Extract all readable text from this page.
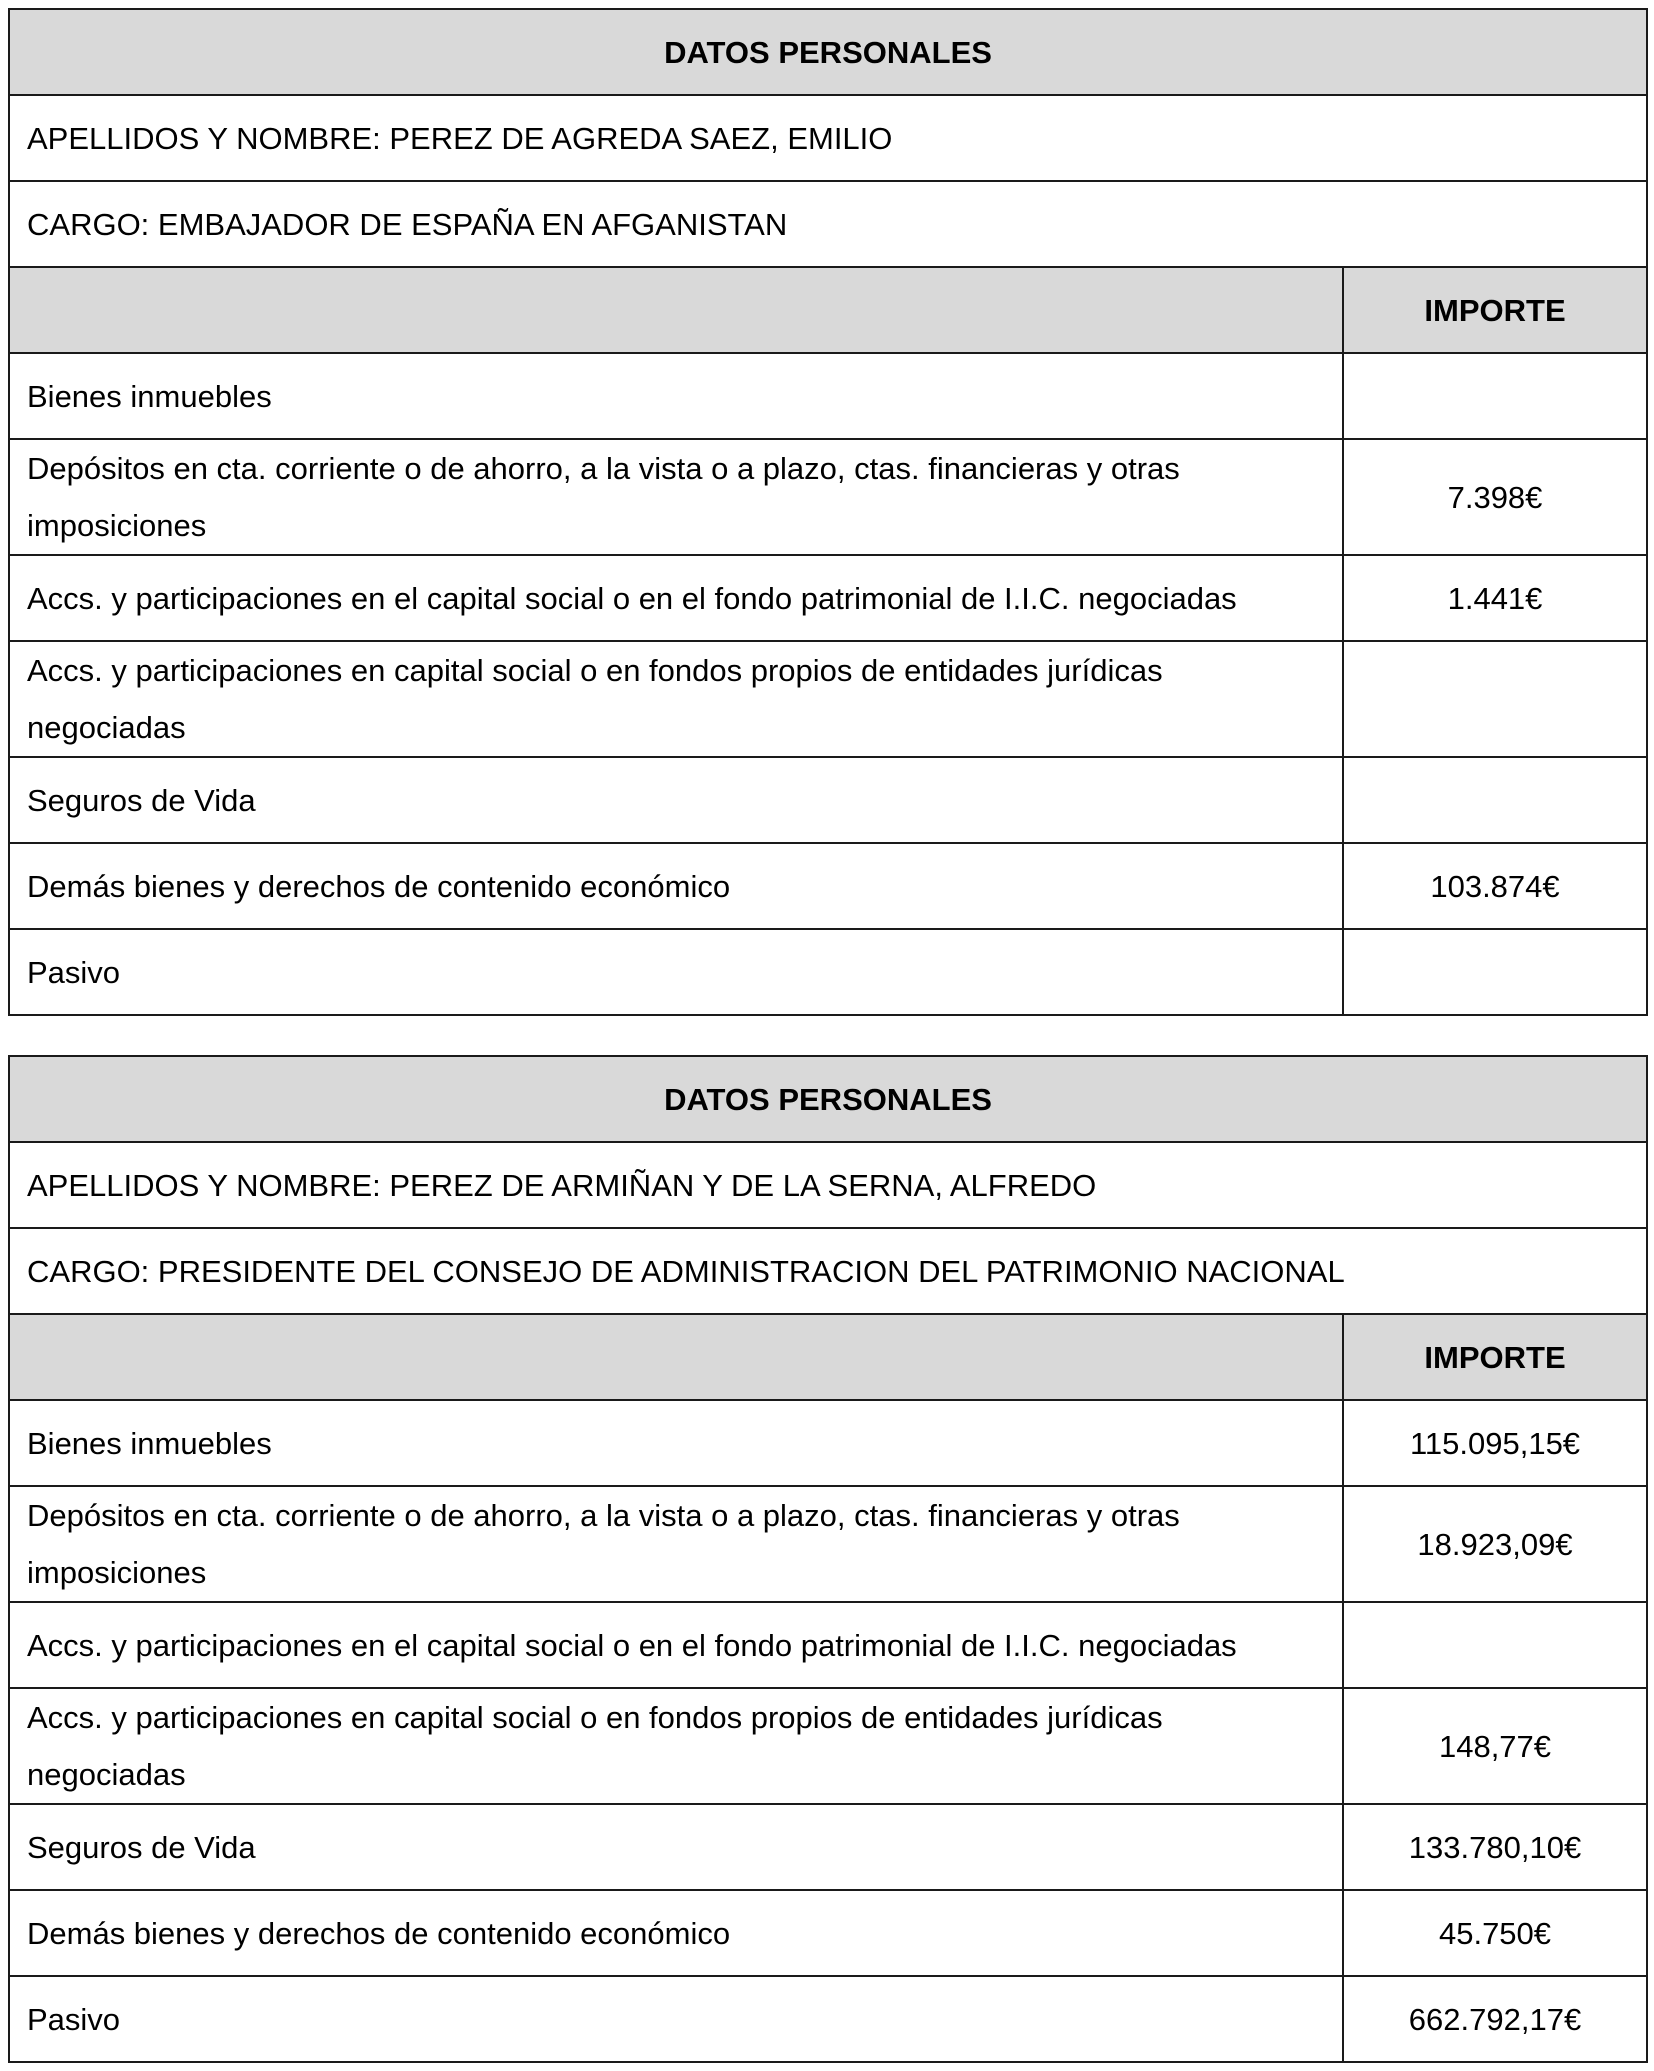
DATOS PERSONALES	
APELLIDOS Y NOMBRE: PEREZ DE AGREDA SAEZ, EMILIO	
CARGO: EMBAJADOR DE ESPAÑA EN AFGANISTAN	
	IMPORTE
Bienes inmuebles	
Depósitos en cta. corriente o de ahorro, a la vista o a plazo, ctas. financieras y otras imposiciones	7.398€
Accs. y participaciones en el capital social o en el fondo patrimonial de I.I.C. negociadas	1.441€
Accs. y participaciones en capital social o en fondos propios de entidades jurídicas negociadas	
Seguros de Vida	
Demás bienes y derechos de contenido económico	103.874€
Pasivo	
DATOS PERSONALES	
APELLIDOS Y NOMBRE: PEREZ DE ARMIÑAN Y DE LA SERNA, ALFREDO	
CARGO: PRESIDENTE DEL CONSEJO DE ADMINISTRACION DEL PATRIMONIO NACIONAL	
	IMPORTE
Bienes inmuebles	115.095,15€
Depósitos en cta. corriente o de ahorro, a la vista o a plazo, ctas. financieras y otras imposiciones	18.923,09€
Accs. y participaciones en el capital social o en el fondo patrimonial de I.I.C. negociadas	
Accs. y participaciones en capital social o en fondos propios de entidades jurídicas negociadas	148,77€
Seguros de Vida	133.780,10€
Demás bienes y derechos de contenido económico	45.750€
Pasivo	662.792,17€
